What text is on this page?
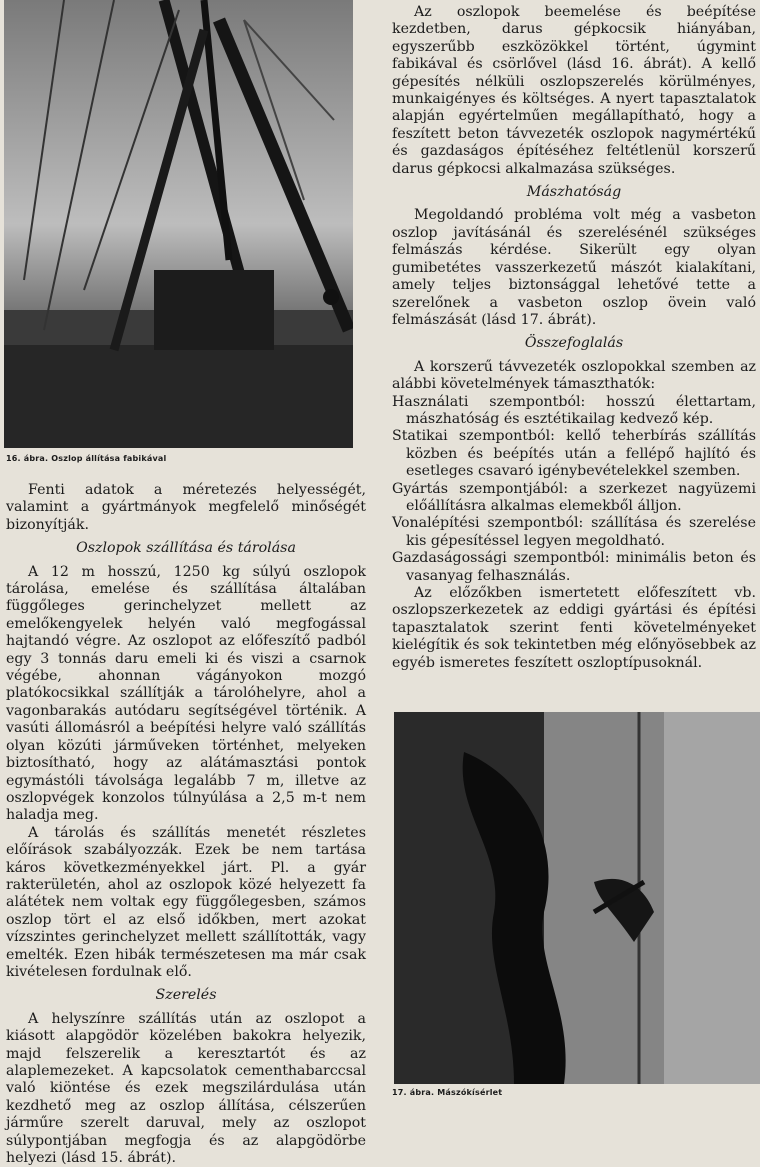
16. ábra. Oszlop állítása fabikával

Fenti adatok a méretezés helyességét, valamint a gyártmányok megfelelő minőségét bizonyítják.

Oszlopok szállítása és tárolása

A 12 m hosszú, 1250 kg súlyú oszlopok tárolása, emelése és szállítása általában függőleges gerinchelyzet mellett az emelőkengyelek helyén való megfogással hajtandó végre. Az oszlopot az előfeszítő padból egy 3 tonnás daru emeli ki és viszi a csarnok végébe, ahonnan vágányokon mozgó platókocsikkal szállítják a tárolóhelyre, ahol a vagonbarakás autódaru segítségével történik. A vasúti állomásról a beépítési helyre való szállítás olyan közúti járműveken történhet, melyeken biztosítható, hogy az alátámasztási pontok egymástóli távolsága legalább 7 m, illetve az oszlopvégek konzolos túlnyúlása a 2,5 m-t nem haladja meg.

A tárolás és szállítás menetét részletes előírások szabályozzák. Ezek be nem tartása káros következményekkel járt. Pl. a gyár rakterületén, ahol az oszlopok közé helyezett fa alátétek nem voltak egy függőlegesben, számos oszlop tört el az első időkben, mert azokat vízszintes gerinchelyzet mellett szállították, vagy emelték. Ezen hibák természetesen ma már csak kivételesen fordulnak elő.

Szerelés

A helyszínre szállítás után az oszlopot a kiásott alapgödör közelében bakokra helyezik, majd felszerelik a keresztartót és az alaplemezeket. A kapcsolatok cementhabarccsal való kiöntése és ezek megszilárdulása után kezdhető meg az oszlop állítása, célszerűen járműre szerelt daruval, mely az oszlopot súlypontjában megfogja és az alapgödörbe helyezi (lásd 15. ábrát).

Az oszlopok beemelése és beépítése kezdetben, darus gépkocsik hiányában, egyszerűbb eszközökkel történt, úgymint fabikával és csörlővel (lásd 16. ábrát). A kellő gépesítés nélküli oszlopszerelés körülményes, munkaigényes és költséges. A nyert tapasztalatok alapján egyértelműen megállapítható, hogy a feszített beton távvezeték oszlopok nagymértékű és gazdaságos építéséhez feltétlenül korszerű darus gépkocsi alkalmazása szükséges.

Mászhatóság

Megoldandó probléma volt még a vasbeton oszlop javításánál és szerelésénél szükséges felmászás kérdése. Sikerült egy olyan gumibetétes vasszerkezetű mászót kialakítani, amely teljes biztonsággal lehetővé tette a szerelőnek a vasbeton oszlop övein való felmászását (lásd 17. ábrát).

Összefoglalás

A korszerű távvezeték oszlopokkal szemben az alábbi követelmények támaszthatók:

Használati szempontból: hosszú élettartam, mászhatóság és esztétikailag kedvező kép.

Statikai szempontból: kellő teherbírás szállítás közben és beépítés után a fellépő hajlító és esetleges csavaró igénybevételekkel szemben.

Gyártás szempontjából: a szerkezet nagyüzemi előállításra alkalmas elemekből álljon.

Vonalépítési szempontból: szállítása és szerelése kis gépesítéssel legyen megoldható.

Gazdaságossági szempontból: minimális beton és vasanyag felhasználás.

Az előzőkben ismertetett előfeszített vb. oszlopszerkezetek az eddigi gyártási és építési tapasztalatok szerint fenti követelményeket kielégítik és sok tekintetben még előnyösebbek az egyéb ismeretes feszített oszloptípusoknál.

17. ábra. Mászókísérlet
